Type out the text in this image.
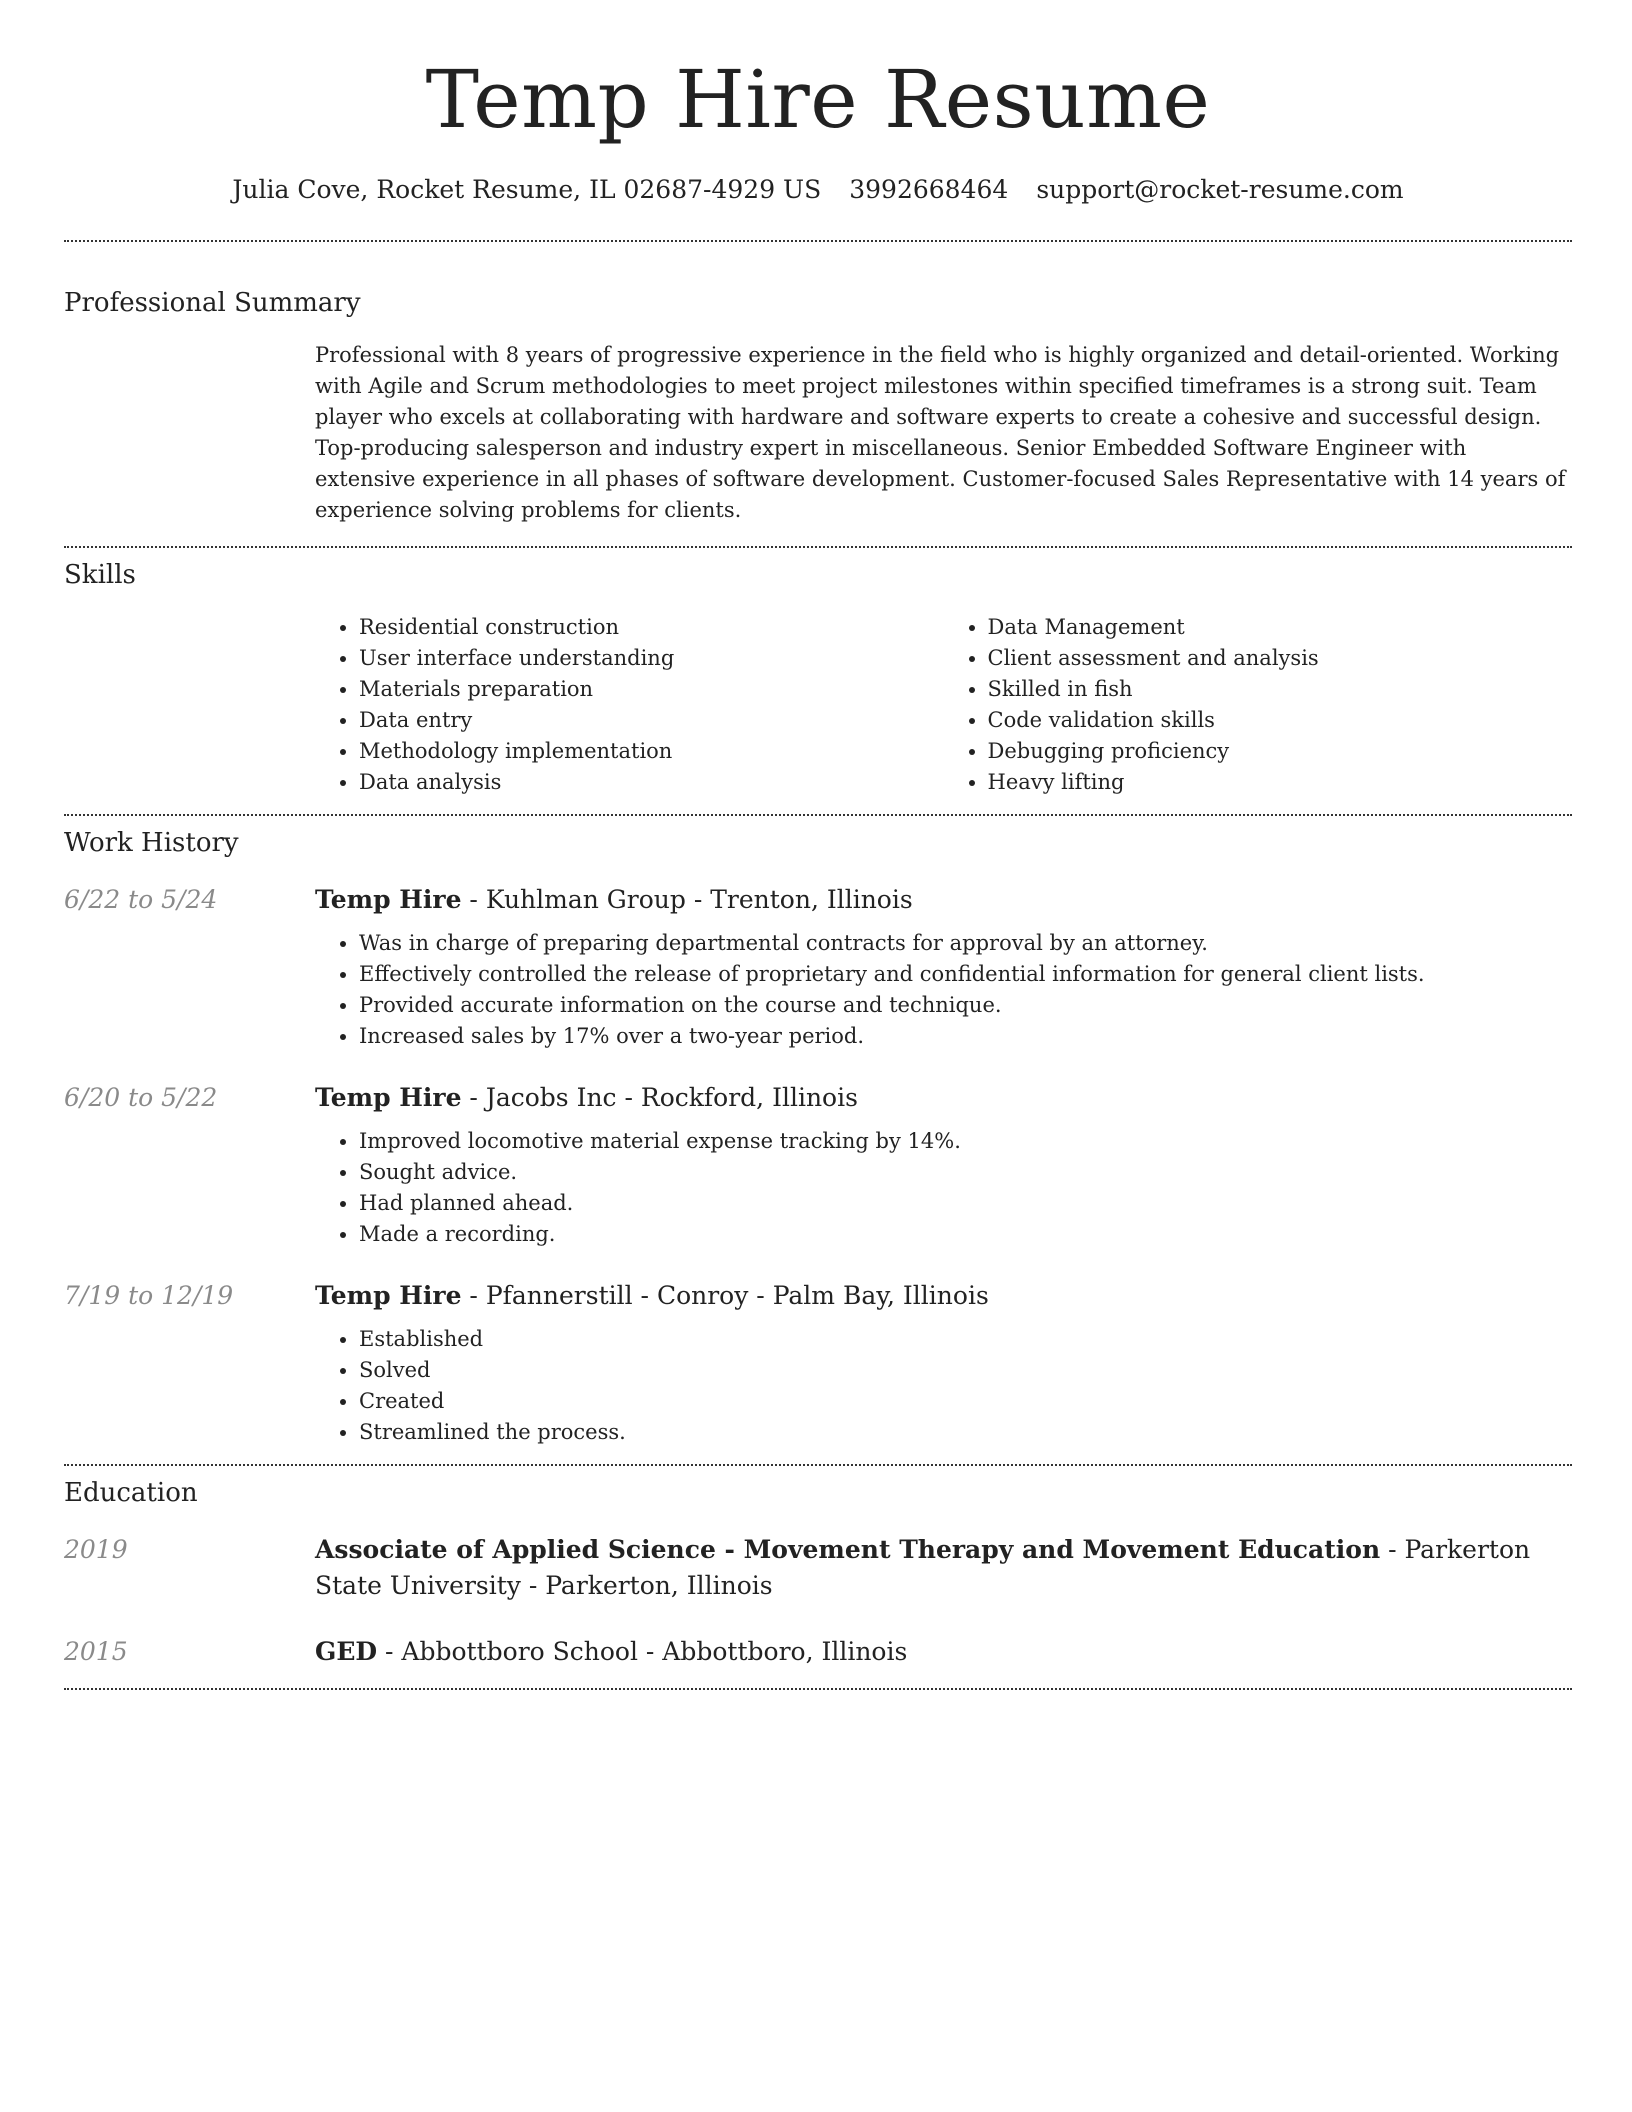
Temp Hire Resume
Julia Cove, Rocket Resume, IL 02687-4929 US 3992668464 support@rocket-resume.com
Professional Summary
Professional with 8 years of progressive experience in the field who is highly organized and detail-oriented. Working with Agile and Scrum methodologies to meet project milestones within specified timeframes is a strong suit. Team player who excels at collaborating with hardware and software experts to create a cohesive and successful design. Top-producing salesperson and industry expert in miscellaneous. Senior Embedded Software Engineer with extensive experience in all phases of software development. Customer-focused Sales Representative with 14 years of experience solving problems for clients.
Skills
• Residential construction
• User interface understanding
• Materials preparation
• Data entry
• Methodology implementation
• Data analysis
• Data Management
• Client assessment and analysis
• Skilled in fish
• Code validation skills
• Debugging proficiency
• Heavy lifting
Work History
6/22 to 5/24	Temp Hire - Kuhlman Group - Trenton, Illinois
• Was in charge of preparing departmental contracts for approval by an attorney.
• Effectively controlled the release of proprietary and confidential information for general client lists.
• Provided accurate information on the course and technique.
• Increased sales by 17% over a two-year period.
6/20 to 5/22	Temp Hire - Jacobs Inc - Rockford, Illinois
• Improved locomotive material expense tracking by 14%.
• Sought advice.
• Had planned ahead.
• Made a recording.
7/19 to 12/19	Temp Hire - Pfannerstill - Conroy - Palm Bay, Illinois
• Established
• Solved
• Created
• Streamlined the process.
Education
2019	Associate of Applied Science - Movement Therapy and Movement Education - Parkerton State University - Parkerton, Illinois
2015	GED - Abbottboro School - Abbottboro, Illinois
